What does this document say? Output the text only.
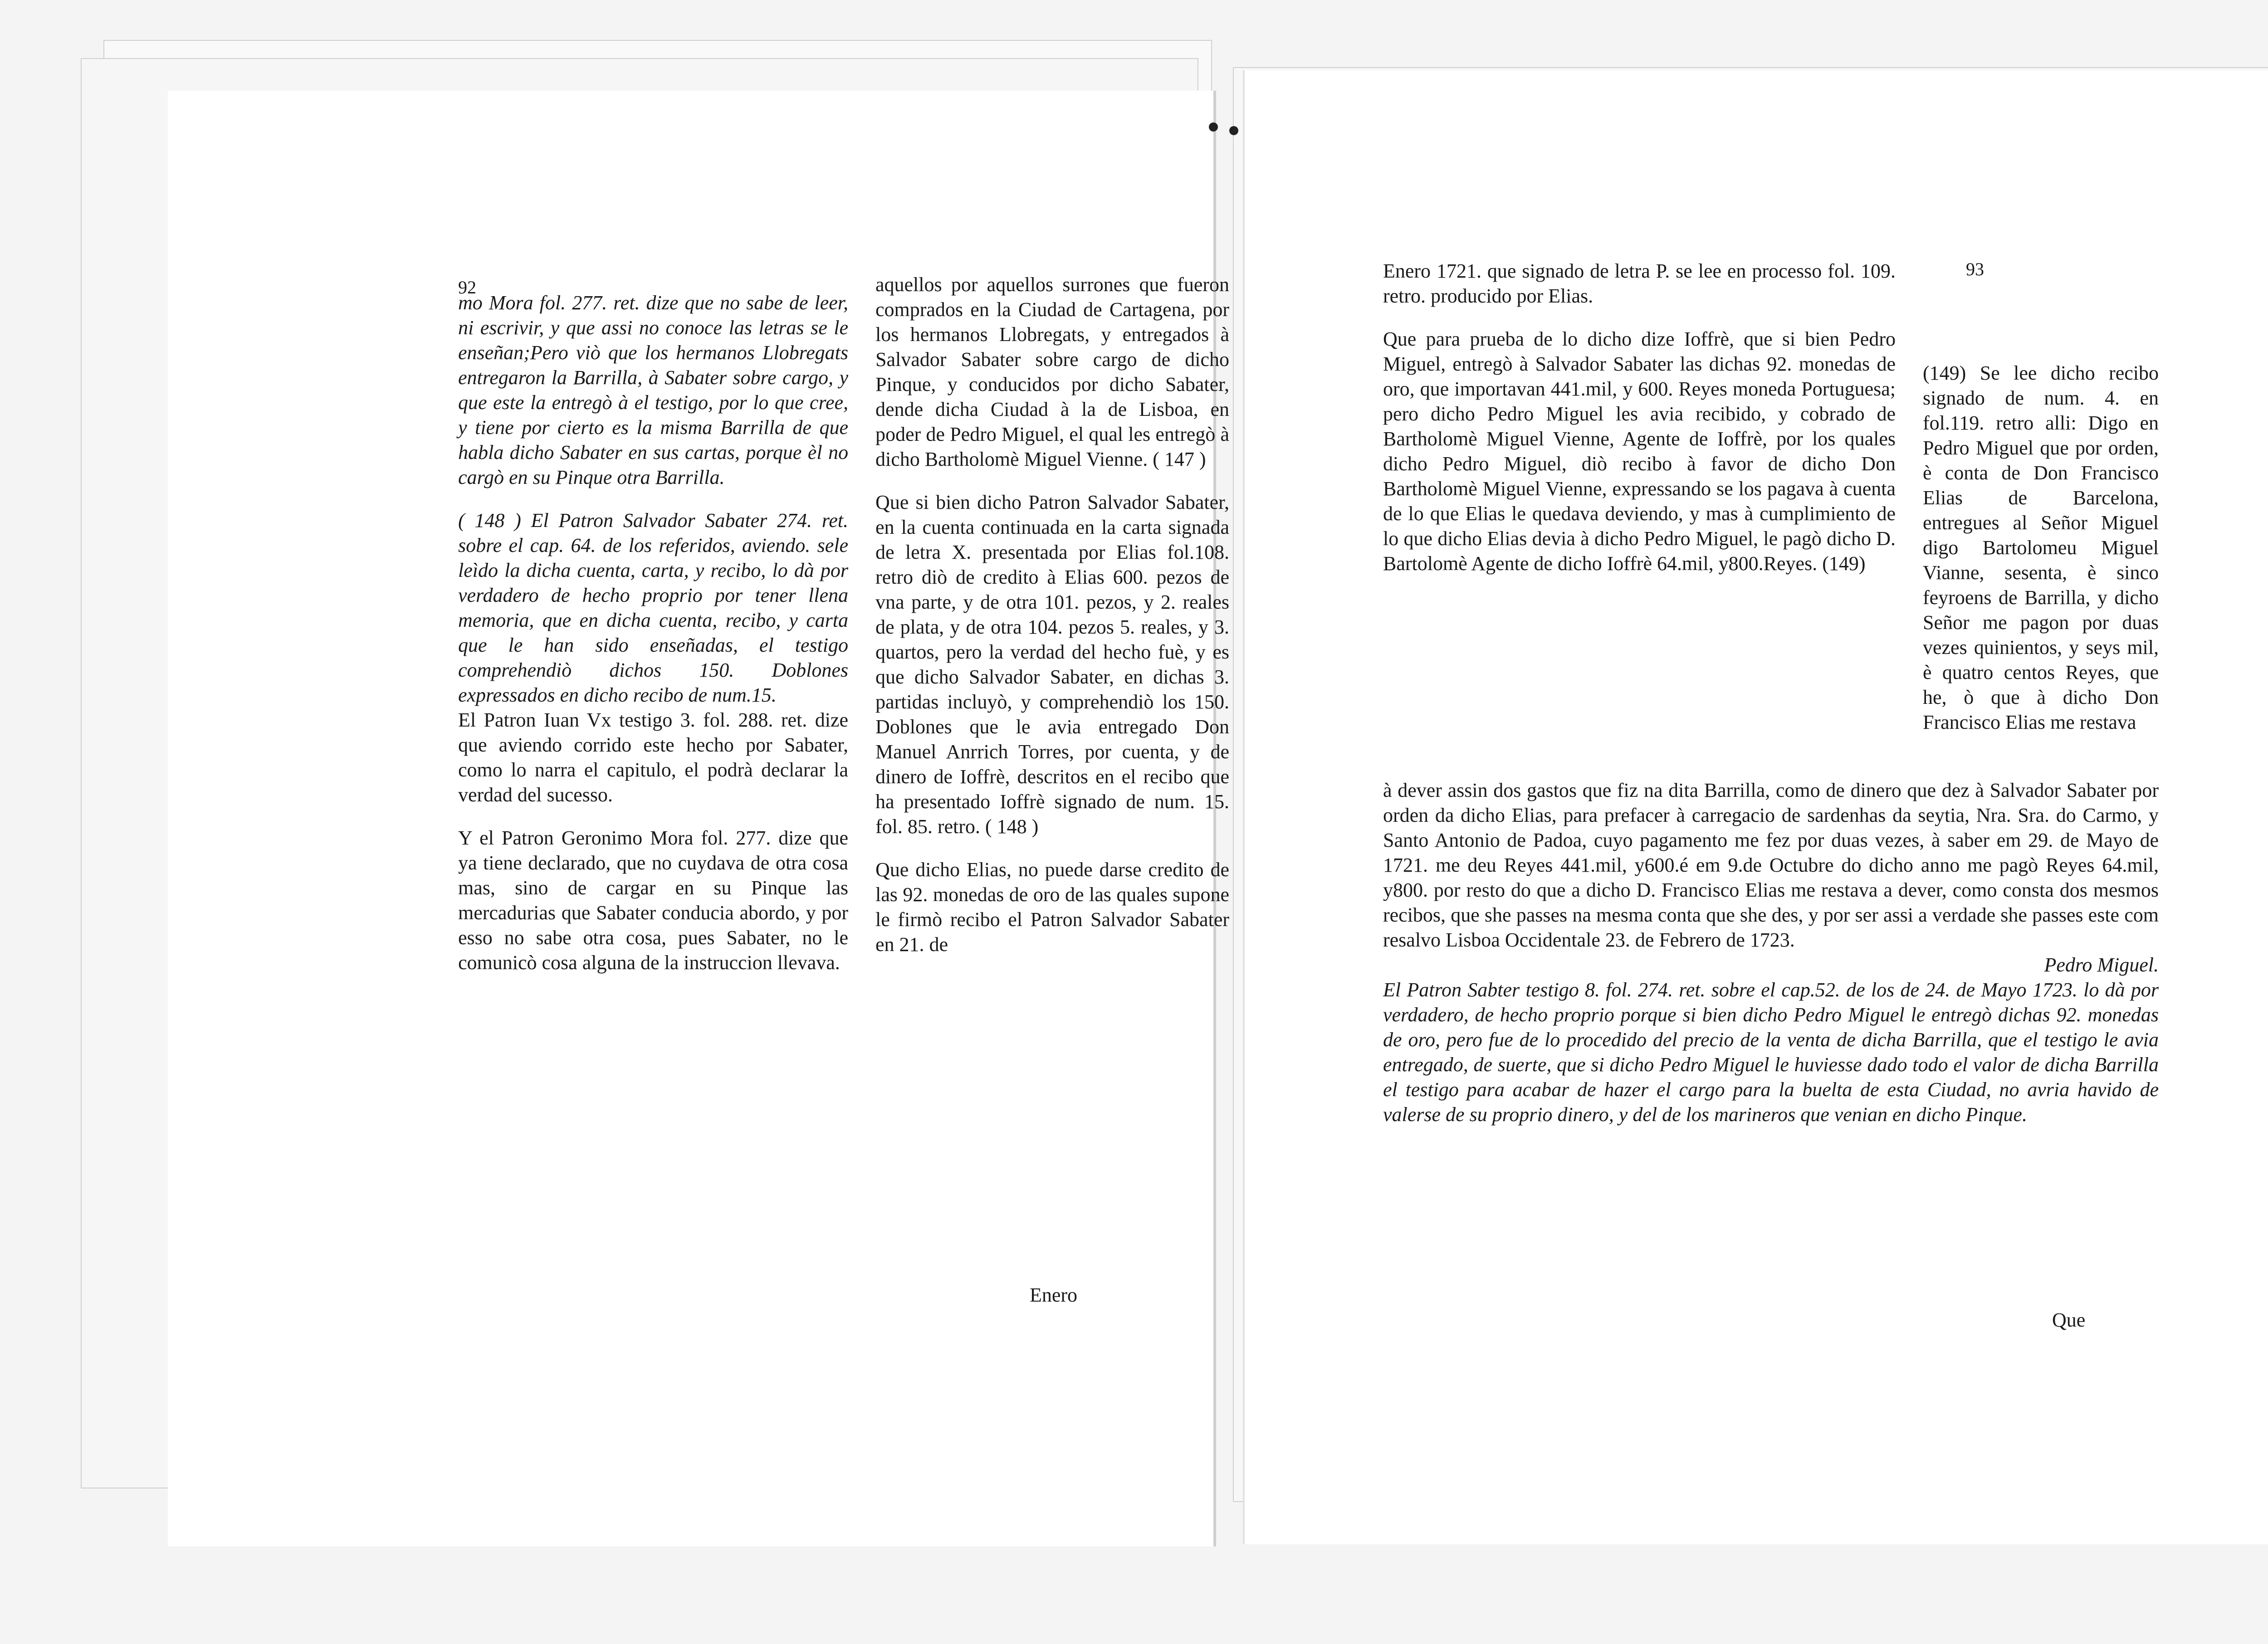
92

mo Mora fol. 277. ret. dize que no sabe de leer, ni escrivir, y que assi no conoce las letras se le enseñan;Pero viò que los hermanos Llobregats entregaron la Barrilla, à Sabater sobre cargo, y que este la entregò à el testigo, por lo que cree, y tiene por cierto es la misma Barrilla de que habla dicho Sabater en sus cartas, porque èl no cargò en su Pinque otra Barrilla.

( 148 ) El Patron Salvador Sabater 274. ret. sobre el cap. 64. de los referidos, aviendo. sele leìdo la dicha cuenta, carta, y recibo, lo dà por verdadero de hecho proprio por tener llena memoria, que en dicha cuenta, recibo, y carta que le han sido enseñadas, el testigo comprehendiò dichos 150. Doblones expressados en dicho recibo de num.15.

El Patron Iuan Vx testigo 3. fol. 288. ret. dize que aviendo corrido este hecho por Sabater, como lo narra el capitulo, el podrà declarar la verdad del sucesso.

Y el Patron Geronimo Mora fol. 277. dize que ya tiene declarado, que no cuydava de otra cosa mas, sino de cargar en su Pinque las mercadurias que Sabater conducia abordo, y por esso no sabe otra cosa, pues Sabater, no le comunicò cosa alguna de la instruccion llevava.

aquellos por aquellos surrones que fueron comprados en la Ciudad de Cartagena, por los hermanos Llobregats, y entregados à Salvador Sabater sobre cargo de dicho Pinque, y conducidos por dicho Sabater, dende dicha Ciudad à la de Lisboa, en poder de Pedro Miguel, el qual les entregò à dicho Bartholomè Miguel Vienne. ( 147 )

Que si bien dicho Patron Salvador Sabater, en la cuenta continuada en la carta signada de letra X. presentada por Elias fol.108. retro diò de credito à Elias 600. pezos de vna parte, y de otra 101. pezos, y 2. reales de plata, y de otra 104. pezos 5. reales, y 3. quartos, pero la verdad del hecho fuè, y es que dicho Salvador Sabater, en dichas 3. partidas incluyò, y comprehendiò los 150. Doblones que le avia entregado Don Manuel Anrrich Torres, por cuenta, y de dinero de Ioffrè, descritos en el recibo que ha presentado Ioffrè signado de num. 15. fol. 85. retro. ( 148 )

Que dicho Elias, no puede darse credito de las 92. monedas de oro de las quales supone le firmò recibo el Patron Salvador Sabater en 21. de

Enero
93

Enero 1721. que signado de letra P. se lee en processo fol. 109. retro. producido por Elias.

Que para prueba de lo dicho dize Ioffrè, que si bien Pedro Miguel, entregò à Salvador Sabater las dichas 92. monedas de oro, que importavan 441.mil, y 600. Reyes moneda Portuguesa; pero dicho Pedro Miguel les avia recibido, y cobrado de Bartholomè Miguel Vienne, Agente de Ioffrè, por los quales dicho Pedro Miguel, diò recibo à favor de dicho Don Bartholomè Miguel Vienne, expressando se los pagava à cuenta de lo que Elias le quedava deviendo, y mas à cumplimiento de lo que dicho Elias devia à dicho Pedro Miguel, le pagò dicho D. Bartolomè Agente de dicho Ioffrè 64.mil, y800.Reyes. (149)

(149) Se lee dicho recibo signado de num. 4. en fol.119. retro alli: Digo en Pedro Miguel que por orden, è conta de Don Francisco Elias de Barcelona, entregues al Señor Miguel digo Bartolomeu Miguel Vianne, sesenta, è sinco feyroens de Barrilla, y dicho Señor me pagon por duas vezes quinientos, y seys mil, è quatro centos Reyes, que he, ò que à dicho Don Francisco Elias me restava

à dever assin dos gastos que fiz na dita Barrilla, como de dinero que dez à Salvador Sabater por orden da dicho Elias, para prefacer à carregacio de sardenhas da seytia, Nra. Sra. do Carmo, y Santo Antonio de Padoa, cuyo pagamento me fez por duas vezes, à saber em 29. de Mayo de 1721. me deu Reyes 441.mil, y600.é em 9.de Octubre do dicho anno me pagò Reyes 64.mil, y800. por resto do que a dicho D. Francisco Elias me restava a dever, como consta dos mesmos recibos, que she passes na mesma conta que she des, y por ser assi a verdade she passes este com resalvo Lisboa Occidentale 23. de Febrero de 1723.

Pedro Miguel.

El Patron Sabter testigo 8. fol. 274. ret. sobre el cap.52. de los de 24. de Mayo 1723. lo dà por verdadero, de hecho proprio porque si bien dicho Pedro Miguel le entregò dichas 92. monedas de oro, pero fue de lo procedido del precio de la venta de dicha Barrilla, que el testigo le avia entregado, de suerte, que si dicho Pedro Miguel le huviesse dado todo el valor de dicha Barrilla el testigo para acabar de hazer el cargo para la buelta de esta Ciudad, no avria havido de valerse de su proprio dinero, y del de los marineros que venian en dicho Pinque.

Que
